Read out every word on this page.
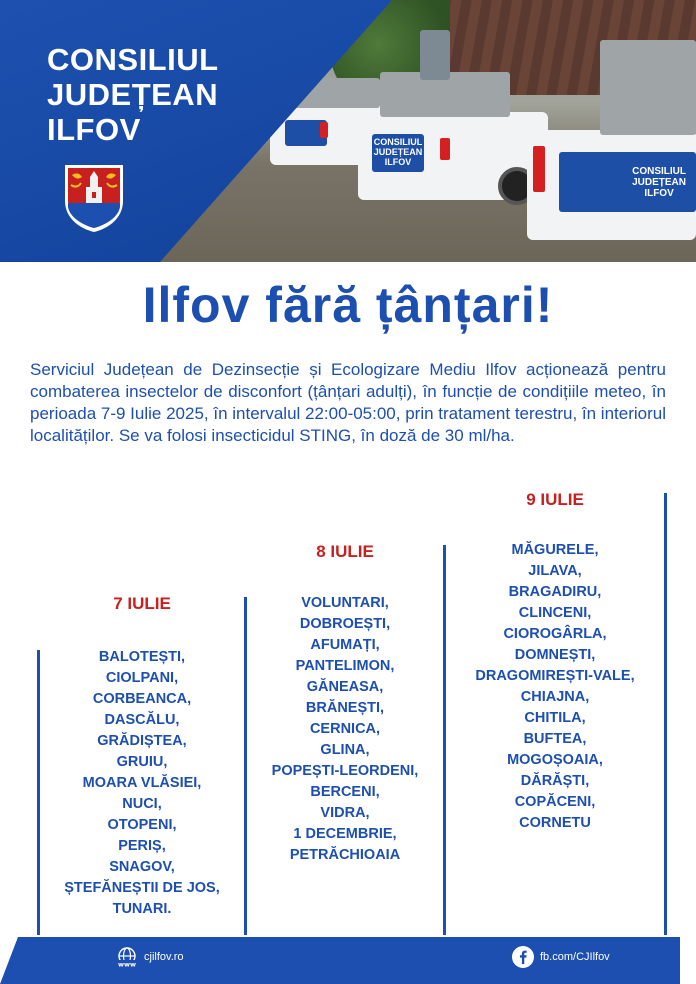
CONSILIUL
JUDEȚEAN
ILFOV
CONSILIUL
JUDEȚEAN
ILFOV
CONSILIUL
JUDEȚEAN
ILFOV
Ilfov fără țânțari!

Serviciul Județean de Dezinsecție și Ecologizare Mediu Ilfov acționează pentru combaterea insectelor de disconfort (țânțari adulți), în funcție de condițiile meteo, în perioada 7-9 Iulie 2025, în intervalul 22:00-05:00, prin tratament terestru, în interiorul localităților. Se va folosi insecticidul STING, în doză de 30 ml/ha.

7 IULIE
BALOTEȘTI,
CIOLPANI,
CORBEANCA,
DASCĂLU,
GRĂDIȘTEA,
GRUIU,
MOARA VLĂSIEI,
NUCI,
OTOPENI,
PERIȘ,
SNAGOV,
ȘTEFĂNEȘTII DE JOS,
TUNARI.
8 IULIE
VOLUNTARI,
DOBROEȘTI,
AFUMAȚI,
PANTELIMON,
GĂNEASA,
BRĂNEȘTI,
CERNICA,
GLINA,
POPEȘTI-LEORDENI,
BERCENI,
VIDRA,
1 DECEMBRIE,
PETRĂCHIOAIA
9 IULIE
MĂGURELE,
JILAVA,
BRAGADIRU,
CLINCENI,
CIOROGÂRLA,
DOMNEȘTI,
DRAGOMIREȘTI-VALE,
CHIAJNA,
CHITILA,
BUFTEA,
MOGOȘOAIA,
DĂRĂȘTI,
COPĂCENI,
CORNETU
www
cjilfov.ro	fb.com/CJIlfov
